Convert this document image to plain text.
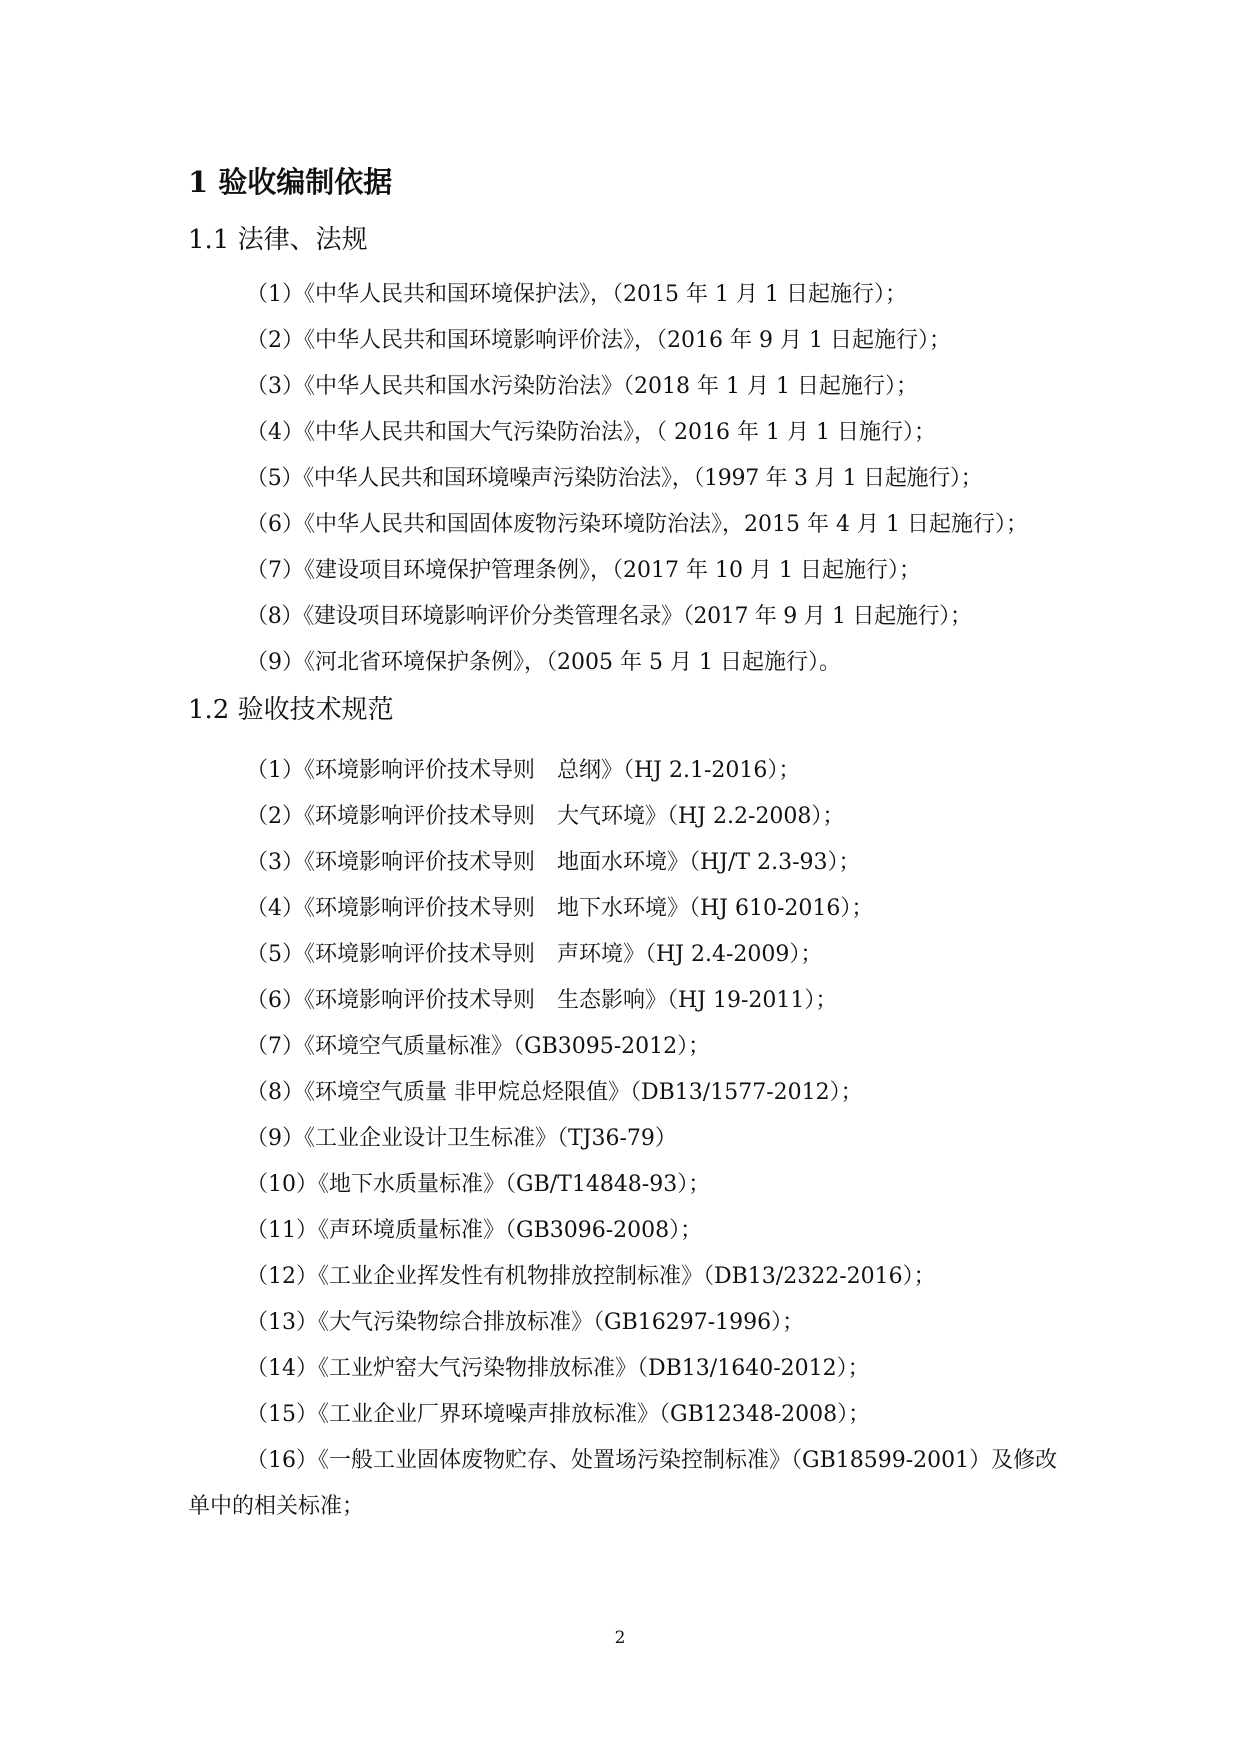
1 验收编制依据
1.1 法律、法规
（1）《中华人民共和国环境保护法》，（2015 年 1 月 1 日起施行）；
（2）《中华人民共和国环境影响评价法》，（2016 年 9 月 1 日起施行）；
（3）《中华人民共和国水污染防治法》（2018 年 1 月 1 日起施行）；
（4）《中华人民共和国大气污染防治法》，（ 2016 年 1 月 1 日施行）；
（5）《中华人民共和国环境噪声污染防治法》，（1997 年 3 月 1 日起施行）；
（6）《中华人民共和国固体废物污染环境防治法》，2015 年 4 月 1 日起施行）；
（7）《建设项目环境保护管理条例》，（2017 年 10 月 1 日起施行）；
（8）《建设项目环境影响评价分类管理名录》（2017 年 9 月 1 日起施行）；
（9）《河北省环境保护条例》，（2005 年 5 月 1 日起施行）。
1.2 验收技术规范
（1）《环境影响评价技术导则　总纲》（HJ 2.1-2016）；
（2）《环境影响评价技术导则　大气环境》（HJ 2.2-2008）；
（3）《环境影响评价技术导则　地面水环境》（HJ/T 2.3-93）；
（4）《环境影响评价技术导则　地下水环境》（HJ 610-2016）；
（5）《环境影响评价技术导则　声环境》（HJ 2.4-2009）；
（6）《环境影响评价技术导则　生态影响》（HJ 19-2011）；
（7）《环境空气质量标准》（GB3095-2012）；
（8）《环境空气质量 非甲烷总烃限值》（DB13/1577-2012）；
（9）《工业企业设计卫生标准》（TJ36-79）
（10）《地下水质量标准》（GB/T14848-93）；
（11）《声环境质量标准》（GB3096-2008）；
（12）《工业企业挥发性有机物排放控制标准》（DB13/2322-2016）；
（13）《大气污染物综合排放标准》（GB16297-1996）；
（14）《工业炉窑大气污染物排放标准》（DB13/1640-2012）；
（15）《工业企业厂界环境噪声排放标准》（GB12348-2008）；
（16）《一般工业固体废物贮存、处置场污染控制标准》（GB18599-2001）及修改单中的相关标准；
2
